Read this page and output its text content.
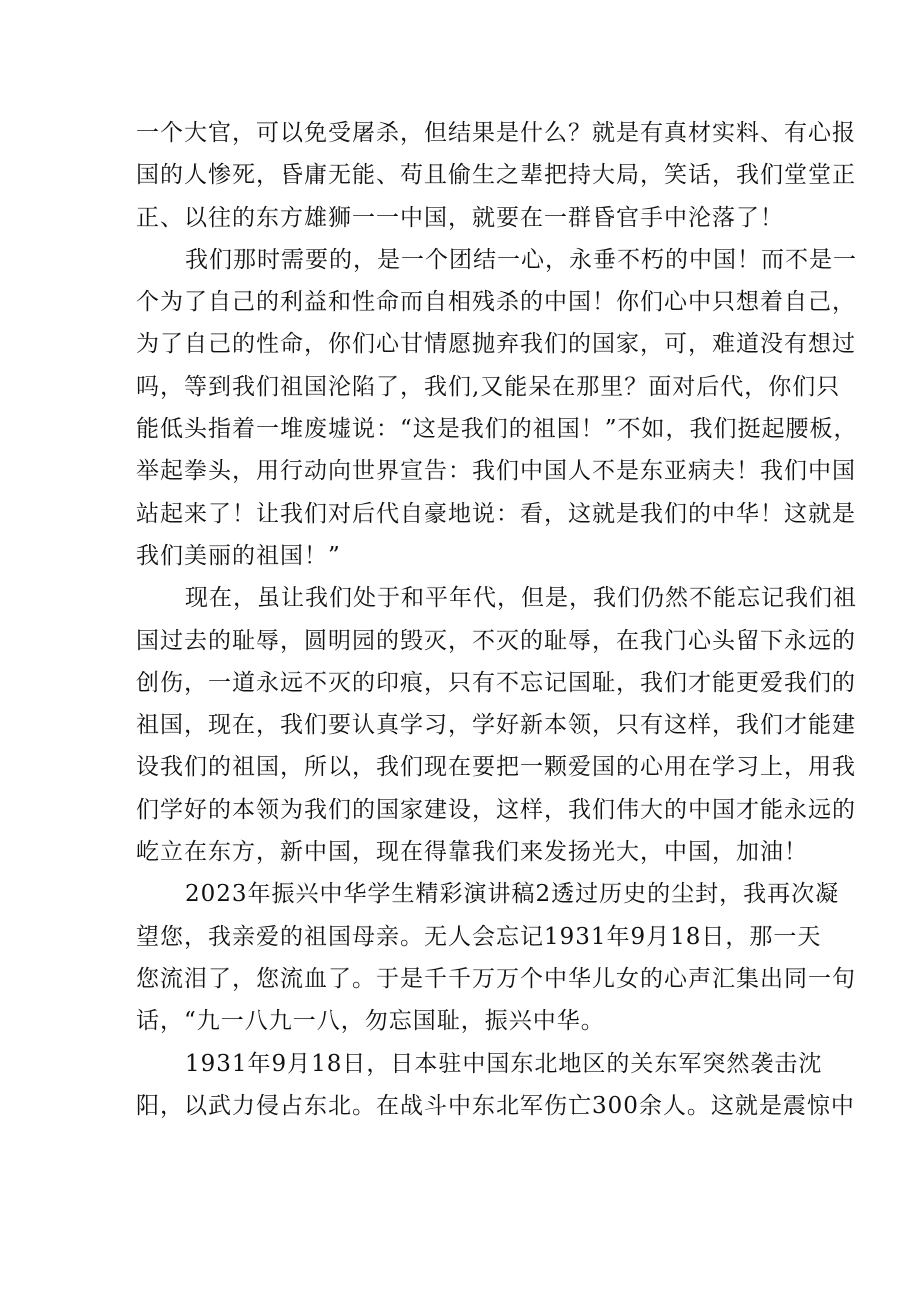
一个大官，可以免受屠杀，但结果是什么？就是有真材实料、有心报
国的人惨死，昏庸无能、苟且偷生之辈把持大局，笑话，我们堂堂正
正、以往的东方雄狮一一中国，就要在一群昏官手中沦落了！
我们那时需要的，是一个团结一心，永垂不朽的中国！而不是一
个为了自己的利益和性命而自相残杀的中国！你们心中只想着自己，
为了自己的性命，你们心甘情愿抛弃我们的国家，可，难道没有想过
吗，等到我们祖国沦陷了，我们,又能呆在那里？面对后代，你们只
能低头指着一堆废墟说：“这是我们的祖国！”不如，我们挺起腰板，
举起拳头，用行动向世界宣告：我们中国人不是东亚病夫！我们中国
站起来了！让我们对后代自豪地说：看，这就是我们的中华！这就是
我们美丽的祖国！”
现在，虽让我们处于和平年代，但是，我们仍然不能忘记我们祖
国过去的耻辱，圆明园的毁灭，不灭的耻辱，在我门心头留下永远的
创伤，一道永远不灭的印痕，只有不忘记国耻，我们才能更爱我们的
祖国，现在，我们要认真学习，学好新本领，只有这样，我们才能建
设我们的祖国，所以，我们现在要把一颗爱国的心用在学习上，用我
们学好的本领为我们的国家建设，这样，我们伟大的中国才能永远的
屹立在东方，新中国，现在得靠我们来发扬光大，中国，加油！
2023年振兴中华学生精彩演讲稿2透过历史的尘封，我再次凝
望您，我亲爱的祖国母亲。无人会忘记1931年9月18日，那一天
您流泪了，您流血了。于是千千万万个中华儿女的心声汇集出同一句
话，“九一八九一八，勿忘国耻，振兴中华。
1931年9月18日，日本驻中国东北地区的关东军突然袭击沈
阳，以武力侵占东北。在战斗中东北军伤亡300余人。这就是震惊中
